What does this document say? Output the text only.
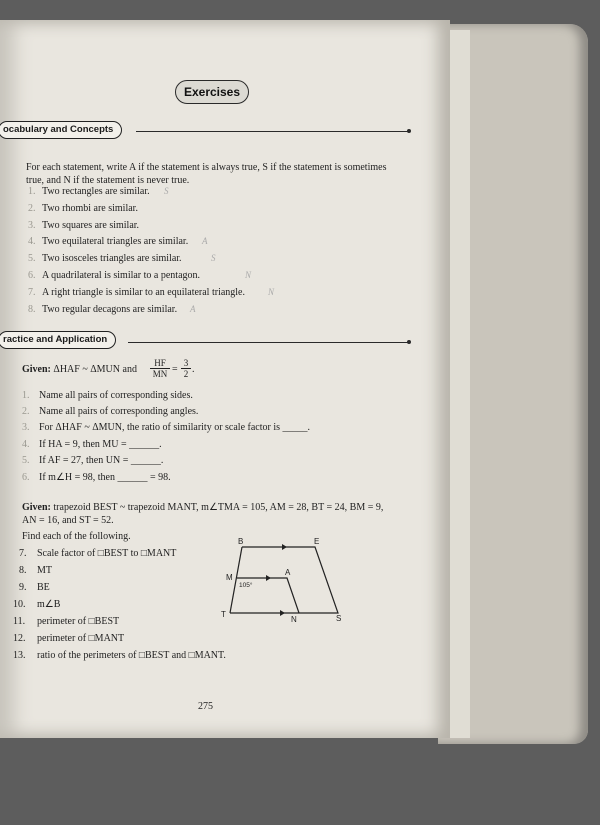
Exercises
ocabulary and Concepts
For each statement, write A if the statement is always true, S if the statement is sometimes
true, and N if the statement is never true.
1. Two rectangles are similar. S
2. Two rhombi are similar.
3. Two squares are similar.
4. Two equilateral triangles are similar. A
5. Two isosceles triangles are similar.	S
6. A quadrilateral is similar to a pentagon.	N
7. A right triangle is similar to an equilateral triangle.	N
8. Two regular decagons are similar. A
ractice and Application
Given: ΔHAF ~ ΔMUN and $\frac{HF}{MN} = \frac{3}{2}$ .
1. Name all pairs of corresponding sides.
2. Name all pairs of corresponding angles.
3. For ΔHAF ~ ΔMUN, the ratio of similarity or scale factor is _____.
4. If HA = 9, then MU = ______.
5. If AF = 27, then UN = ______.
6. If m∠H = 98, then ______ = 98.
Given: trapezoid BEST ~ trapezoid MANT, m∠TMA = 105, AM = 28, BT = 24, BM = 9,
AN = 16, and ST = 52.
Find each of the following.
7. Scale factor of □BEST to □MANT
8. MT
9. BE
10. m∠B
11. perimeter of □BEST
12. perimeter of □MANT
13. ratio of the perimeters of □BEST and □MANT.
B	E
M
A
T
N	S
105°
275
